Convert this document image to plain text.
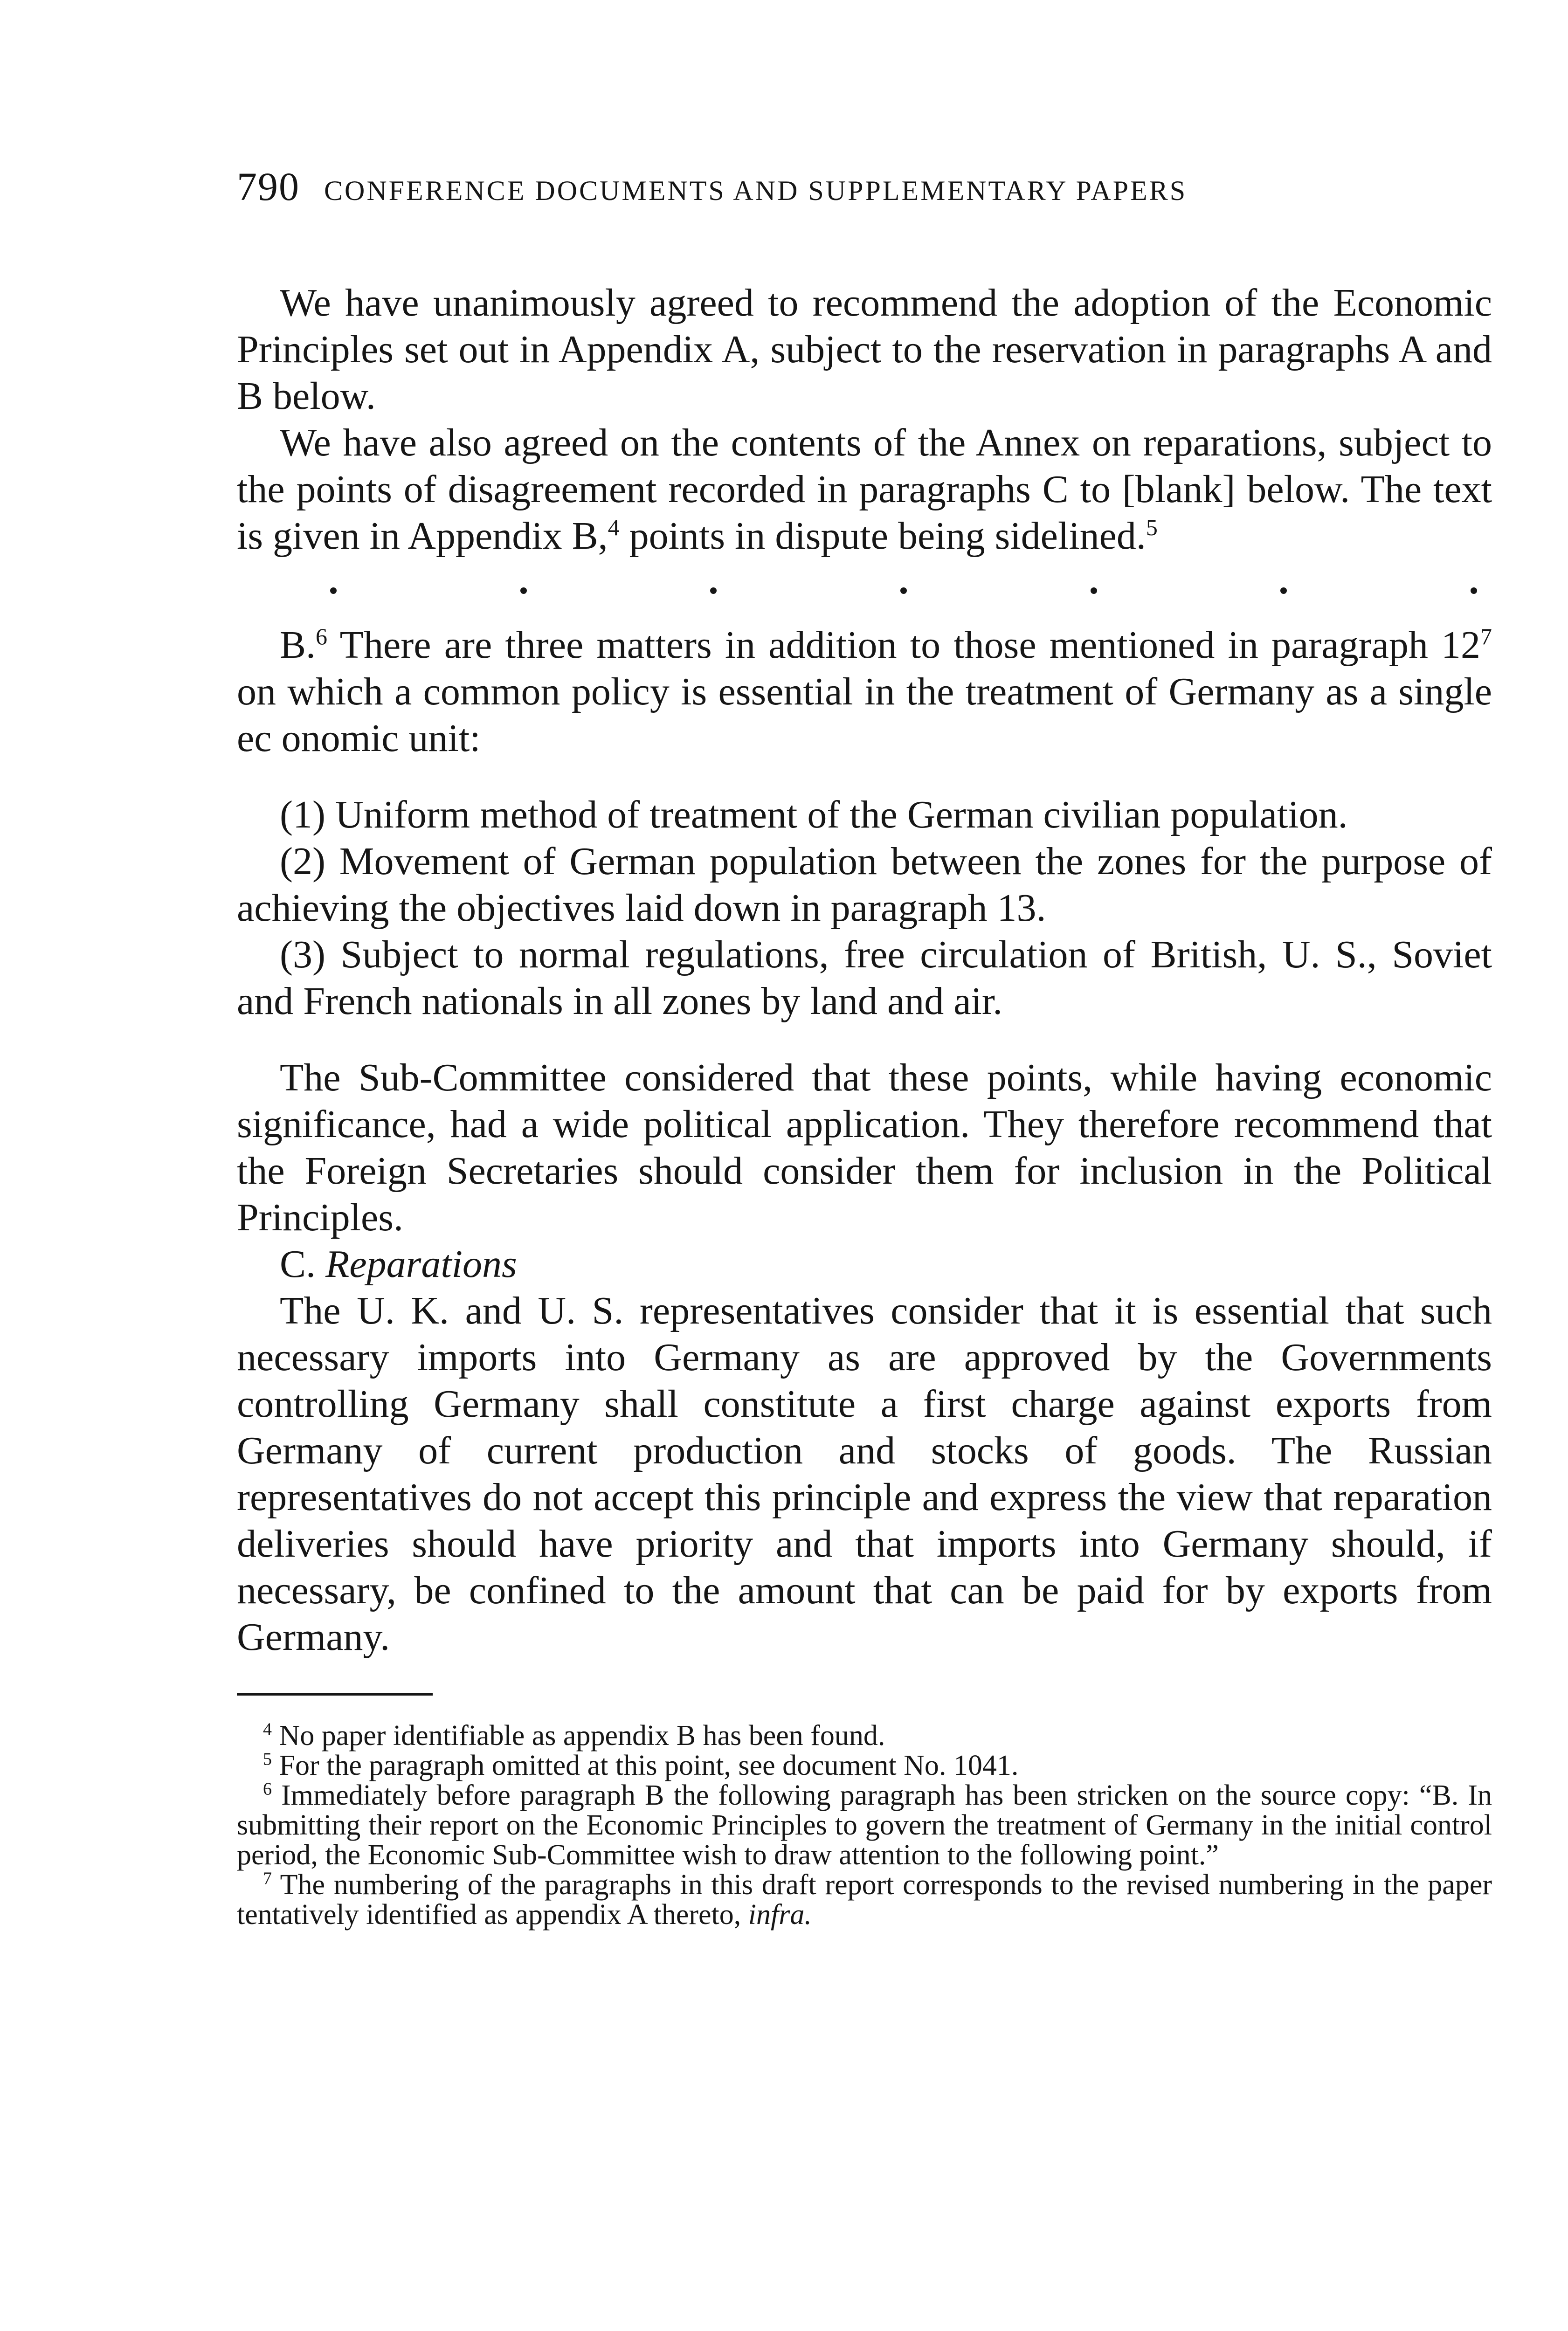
790 CONFERENCE DOCUMENTS AND SUPPLEMENTARY PAPERS

We have unanimously agreed to recommend the adoption of the Economic Principles set out in Appendix A, subject to the reservation in paragraphs A and B below.

We have also agreed on the contents of the Annex on reparations, subject to the points of disagreement recorded in paragraphs C to [blank] below. The text is given in Appendix B,$^4$ points in dispute being sidelined.$^5$

B.$^6$ There are three matters in addition to those mentioned in paragraph $12^7$ on which a common policy is essential in the treatment of Germany as a single ec onomic unit:

(1) Uniform method of treatment of the German civilian population.

(2) Movement of German population between the zones for the purpose of achieving the objectives laid down in paragraph 13.

(3) Subject to normal regulations, free circulation of British, U. S., Soviet and French nationals in all zones by land and air.

The Sub-Committee considered that these points, while having economic significance, had a wide political application. They therefore recommend that the Foreign Secretaries should consider them for inclusion in the Political Principles.

C. Reparations

The U. K. and U. S. representatives consider that it is essential that such necessary imports into Germany as are approved by the Governments controlling Germany shall constitute a first charge against exports from Germany of current production and stocks of goods. The Russian representatives do not accept this principle and express the view that reparation deliveries should have priority and that imports into Germany should, if necessary, be confined to the amount that can be paid for by exports from Germany.

$^4$ No paper identifiable as appendix B has been found.

$^5$ For the paragraph omitted at this point, see document No. 1041.

$^6$ Immediately before paragraph B the following paragraph has been stricken on the source copy: “B. In submitting their report on the Economic Principles to govern the treatment of Germany in the initial control period, the Economic Sub-Committee wish to draw attention to the following point.”

$^7$ The numbering of the paragraphs in this draft report corresponds to the revised numbering in the paper tentatively identified as appendix A thereto, infra.
